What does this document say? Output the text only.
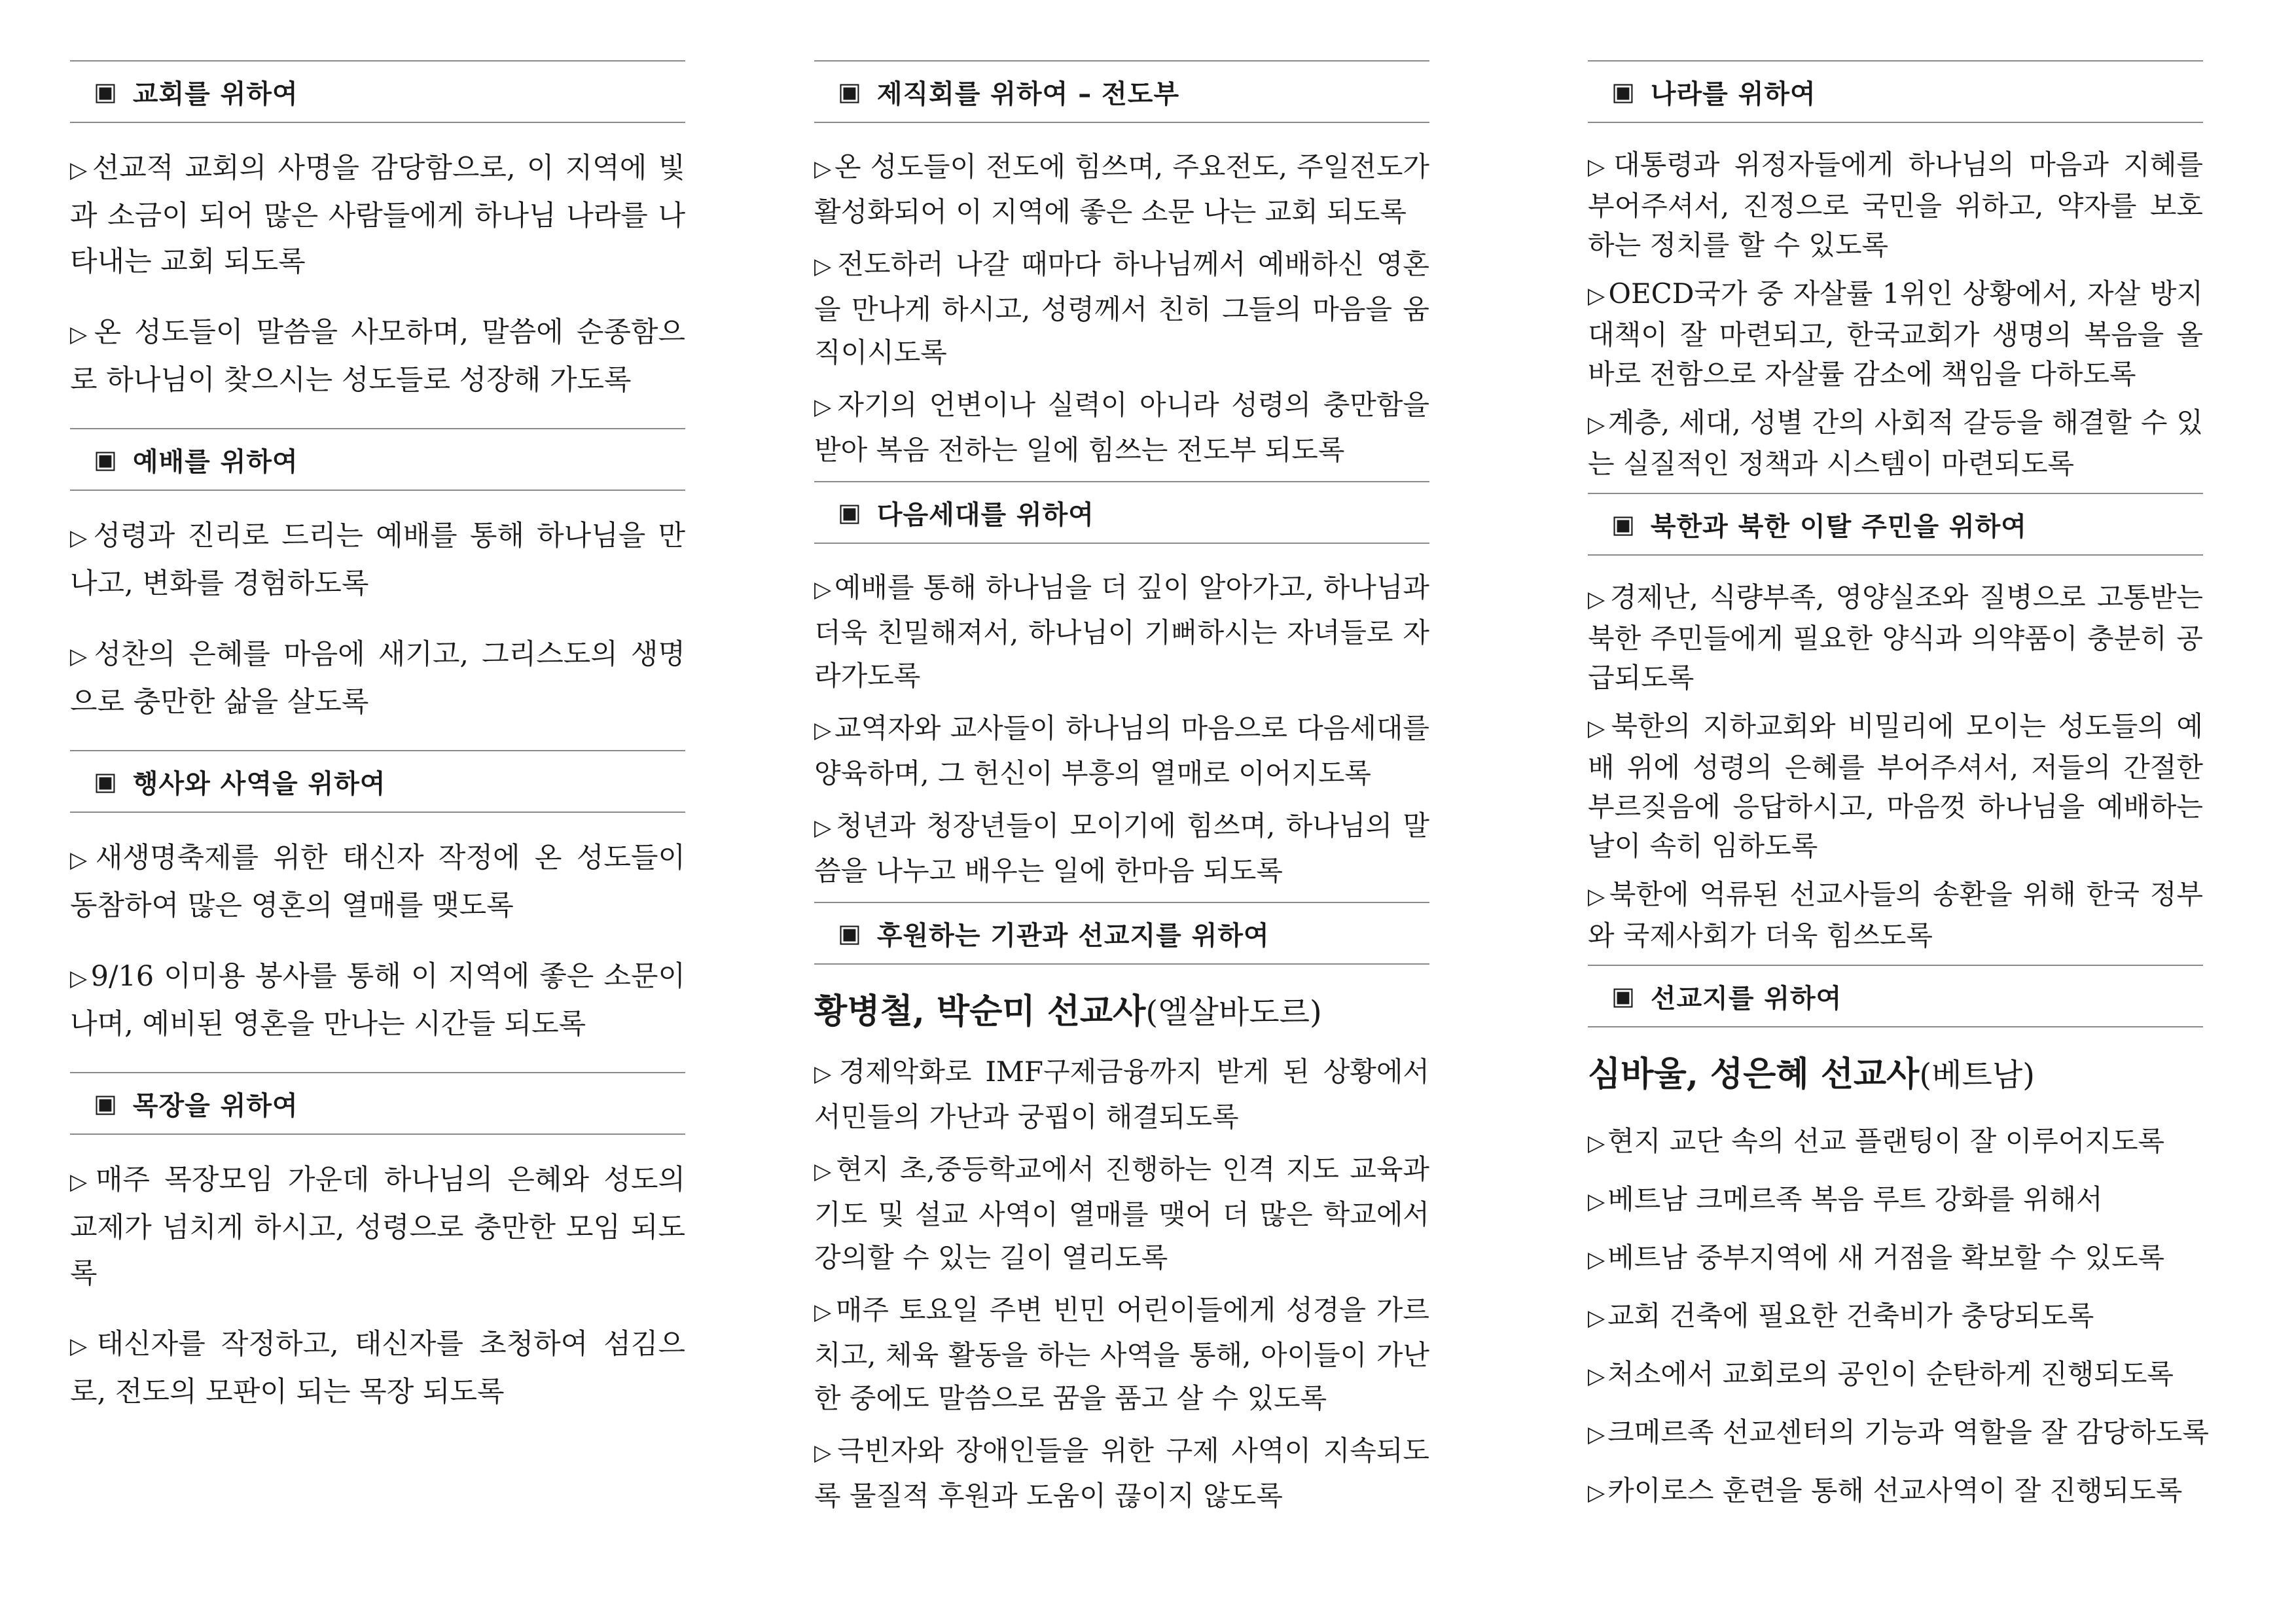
▣ 교회를 위하여

▷선교적 교회의 사명을 감당함으로, 이 지역에 빛과 소금이 되어 많은 사람들에게 하나님 나라를 나타내는 교회 되도록

▷온 성도들이 말씀을 사모하며, 말씀에 순종함으로 하나님이 찾으시는 성도들로 성장해 가도록

▣ 예배를 위하여

▷성령과 진리로 드리는 예배를 통해 하나님을 만나고, 변화를 경험하도록

▷성찬의 은혜를 마음에 새기고, 그리스도의 생명으로 충만한 삶을 살도록

▣ 행사와 사역을 위하여

▷새생명축제를 위한 태신자 작정에 온 성도들이 동참하여 많은 영혼의 열매를 맺도록

▷9/16 이미용 봉사를 통해 이 지역에 좋은 소문이 나며, 예비된 영혼을 만나는 시간들 되도록

▣ 목장을 위하여

▷매주 목장모임 가운데 하나님의 은혜와 성도의 교제가 넘치게 하시고, 성령으로 충만한 모임 되도록

▷태신자를 작정하고, 태신자를 초청하여 섬김으로, 전도의 모판이 되는 목장 되도록

▣ 제직회를 위하여 – 전도부

▷온 성도들이 전도에 힘쓰며, 주요전도, 주일전도가 활성화되어 이 지역에 좋은 소문 나는 교회 되도록

▷전도하러 나갈 때마다 하나님께서 예배하신 영혼을 만나게 하시고, 성령께서 친히 그들의 마음을 움직이시도록

▷자기의 언변이나 실력이 아니라 성령의 충만함을 받아 복음 전하는 일에 힘쓰는 전도부 되도록

▣ 다음세대를 위하여

▷예배를 통해 하나님을 더 깊이 알아가고, 하나님과 더욱 친밀해져서, 하나님이 기뻐하시는 자녀들로 자라가도록

▷교역자와 교사들이 하나님의 마음으로 다음세대를 양육하며, 그 헌신이 부흥의 열매로 이어지도록

▷청년과 청장년들이 모이기에 힘쓰며, 하나님의 말씀을 나누고 배우는 일에 한마음 되도록

▣ 후원하는 기관과 선교지를 위하여
황병철, 박순미 선교사(엘살바도르)

▷경제악화로 IMF구제금융까지 받게 된 상황에서 서민들의 가난과 궁핍이 해결되도록

▷현지 초,중등학교에서 진행하는 인격 지도 교육과 기도 및 설교 사역이 열매를 맺어 더 많은 학교에서 강의할 수 있는 길이 열리도록

▷매주 토요일 주변 빈민 어린이들에게 성경을 가르치고, 체육 활동을 하는 사역을 통해, 아이들이 가난한 중에도 말씀으로 꿈을 품고 살 수 있도록

▷극빈자와 장애인들을 위한 구제 사역이 지속되도록 물질적 후원과 도움이 끊이지 않도록

▣ 나라를 위하여

▷대통령과 위정자들에게 하나님의 마음과 지혜를 부어주셔서, 진정으로 국민을 위하고, 약자를 보호하는 정치를 할 수 있도록

▷OECD국가 중 자살률 1위인 상황에서, 자살 방지 대책이 잘 마련되고, 한국교회가 생명의 복음을 올바로 전함으로 자살률 감소에 책임을 다하도록

▷계층, 세대, 성별 간의 사회적 갈등을 해결할 수 있는 실질적인 정책과 시스템이 마련되도록

▣ 북한과 북한 이탈 주민을 위하여

▷경제난, 식량부족, 영양실조와 질병으로 고통받는 북한 주민들에게 필요한 양식과 의약품이 충분히 공급되도록

▷북한의 지하교회와 비밀리에 모이는 성도들의 예배 위에 성령의 은혜를 부어주셔서, 저들의 간절한 부르짖음에 응답하시고, 마음껏 하나님을 예배하는 날이 속히 임하도록

▷북한에 억류된 선교사들의 송환을 위해 한국 정부와 국제사회가 더욱 힘쓰도록

▣ 선교지를 위하여
심바울, 성은혜 선교사(베트남)
▷현지 교단 속의 선교 플랜팅이 잘 이루어지도록
▷베트남 크메르족 복음 루트 강화를 위해서
▷베트남 중부지역에 새 거점을 확보할 수 있도록
▷교회 건축에 필요한 건축비가 충당되도록
▷처소에서 교회로의 공인이 순탄하게 진행되도록
▷크메르족 선교센터의 기능과 역할을 잘 감당하도록
▷카이로스 훈련을 통해 선교사역이 잘 진행되도록
